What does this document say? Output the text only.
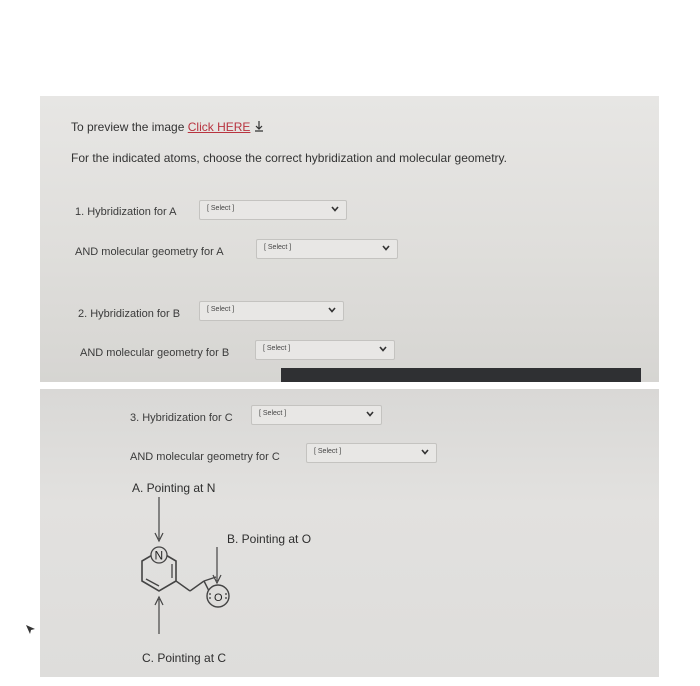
To preview the image Click HERE
For the indicated atoms, choose the correct hybridization and molecular geometry.
1. Hybridization for A	[ Select ]
AND molecular geometry for A	[ Select ]
2. Hybridization for B	[ Select ]
AND molecular geometry for B	[ Select ]
3. Hybridization for C	[ Select ]
AND molecular geometry for C	[ Select ]
A. Pointing at N
B. Pointing at O
C. Pointing at C
N
O
